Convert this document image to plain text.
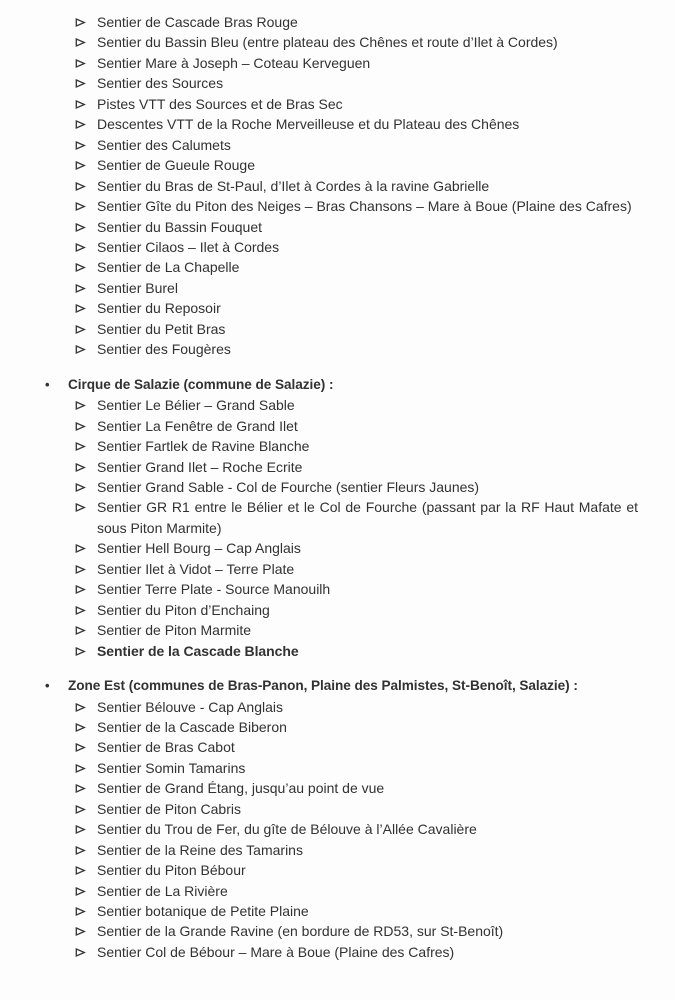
Sentier de Cascade Bras Rouge
Sentier du Bassin Bleu (entre plateau des Chênes et route d’Ilet à Cordes)
Sentier Mare à Joseph – Coteau Kerveguen
Sentier des Sources
Pistes VTT des Sources et de Bras Sec
Descentes VTT de la Roche Merveilleuse et du Plateau des Chênes
Sentier des Calumets
Sentier de Gueule Rouge
Sentier du Bras de St-Paul, d’Ilet à Cordes à la ravine Gabrielle
Sentier Gîte du Piton des Neiges – Bras Chansons – Mare à Boue (Plaine des Cafres)
Sentier du Bassin Fouquet
Sentier Cilaos – Ilet à Cordes
Sentier de La Chapelle
Sentier Burel
Sentier du Reposoir
Sentier du Petit Bras
Sentier des Fougères
•	Cirque de Salazie (commune de Salazie) :
Sentier Le Bélier – Grand Sable
Sentier La Fenêtre de Grand Ilet
Sentier Fartlek de Ravine Blanche
Sentier Grand Ilet – Roche Ecrite
Sentier Grand Sable - Col de Fourche (sentier Fleurs Jaunes)
Sentier GR R1 entre le Bélier et le Col de Fourche (passant par la RF Haut Mafate et sous Piton Marmite)
Sentier Hell Bourg – Cap Anglais
Sentier Ilet à Vidot – Terre Plate
Sentier Terre Plate - Source Manouilh
Sentier du Piton d’Enchaing
Sentier de Piton Marmite
Sentier de la Cascade Blanche
•	Zone Est (communes de Bras-Panon, Plaine des Palmistes, St-Benoît, Salazie) :
Sentier Bélouve - Cap Anglais
Sentier de la Cascade Biberon
Sentier de Bras Cabot
Sentier Somin Tamarins
Sentier de Grand Étang, jusqu’au point de vue
Sentier de Piton Cabris
Sentier du Trou de Fer, du gîte de Bélouve à l’Allée Cavalière
Sentier de la Reine des Tamarins
Sentier du Piton Bébour
Sentier de La Rivière
Sentier botanique de Petite Plaine
Sentier de la Grande Ravine (en bordure de RD53, sur St-Benoît)
Sentier Col de Bébour – Mare à Boue (Plaine des Cafres)
